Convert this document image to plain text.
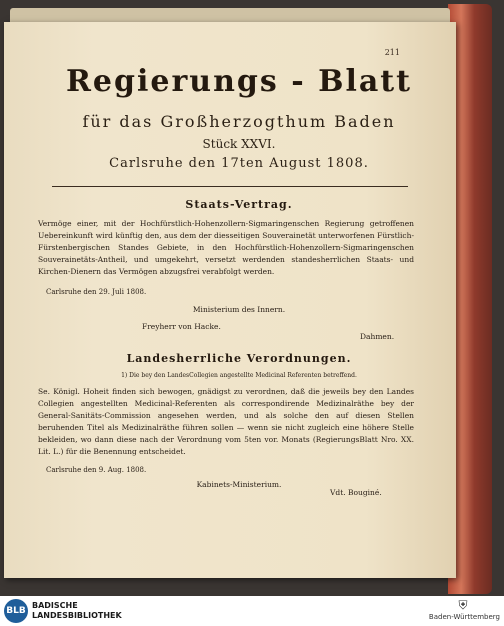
211
Regierungs - Blatt
für das Großherzogthum Baden
Stück XXVI.
Carlsruhe den 17ten August 1808.
Staats-Vertrag.
Vermöge einer, mit der Hochfürstlich-Hohenzollern-Sigmaringenschen Regierung getroffenen Uebereinkunft wird künftig den, aus dem der diesseitigen Souverainetät unterworfenen Fürstlich-Fürstenbergischen Standes Gebiete, in den Hochfürstlich-Hohenzollern-Sigmaringenschen Souverainetäts-Antheil, und umgekehrt, versetzt werdenden standesherrlichen Staats- und Kirchen-Dienern das Vermögen abzugsfrei verabfolgt werden.
Carlsruhe den 29. Juli 1808.
Ministerium des Innern.
Freyherr von Hacke.
Dahmen.
Landesherrliche Verordnungen.
1) Die bey den LandesCollegien angestellte Medicinal Referenten betreffend.
Se. Königl. Hoheit finden sich bewogen, gnädigst zu verordnen, daß die jeweils bey den Landes Collegien angestellten Medicinal-Referenten als correspondirende Medizinalräthe bey der General-Sanitäts-Commission angesehen werden, und als solche den auf diesen Stellen beruhenden Titel als Medizinalräthe führen sollen — wenn sie nicht zugleich eine höhere Stelle bekleiden, wo dann diese nach der Verordnung vom 5ten vor. Monats (RegierungsBlatt Nro. XX. Lit. L.) für die Benennung entscheidet.
Carlsruhe den 9. Aug. 1808.
Kabinets-Ministerium.
Vdt. Bouginé.
BLB
BADISCHE
LANDESBIBLIOTHEK
⛨
Baden-Württemberg
